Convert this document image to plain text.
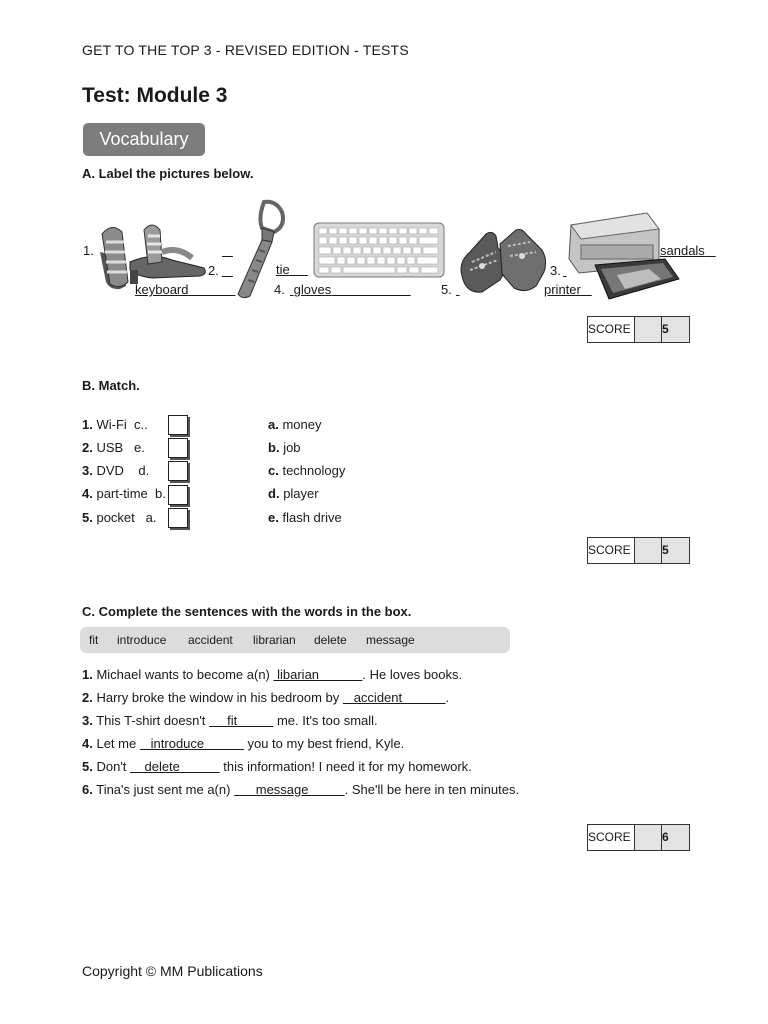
GET TO THE TOP 3 - REVISED EDITION - TESTS
Test: Module 3
Vocabulary
A. Label the pictures below.
1.

2.
	tie
keyboard	4. gloves	5.

3.

sandals
printer
SCORE	5
B. Match.
1. Wi-Fi c..
2. USB e.
3. DVD d.
4. part-time b.
5. pocket a.
a. money
b. job
c. technology
d. player
e. flash drive
SCORE	5
C. Complete the sentences with the words in the box.
fit introduce accident librarian delete message
1. Michael wants to become a(n)  libarian            . He loves books.
2. Harry broke the window in his bedroom by    accident            .
3. This T-shirt doesn't      fit           me. It's too small.
4. Let me    introduce            you to my best friend, Kyle.
5. Don't     delete            this information! I need it for my homework.
6. Tina's just sent me a(n)       message          . She'll be here in ten minutes.
SCORE	6
Copyright © MM Publications
